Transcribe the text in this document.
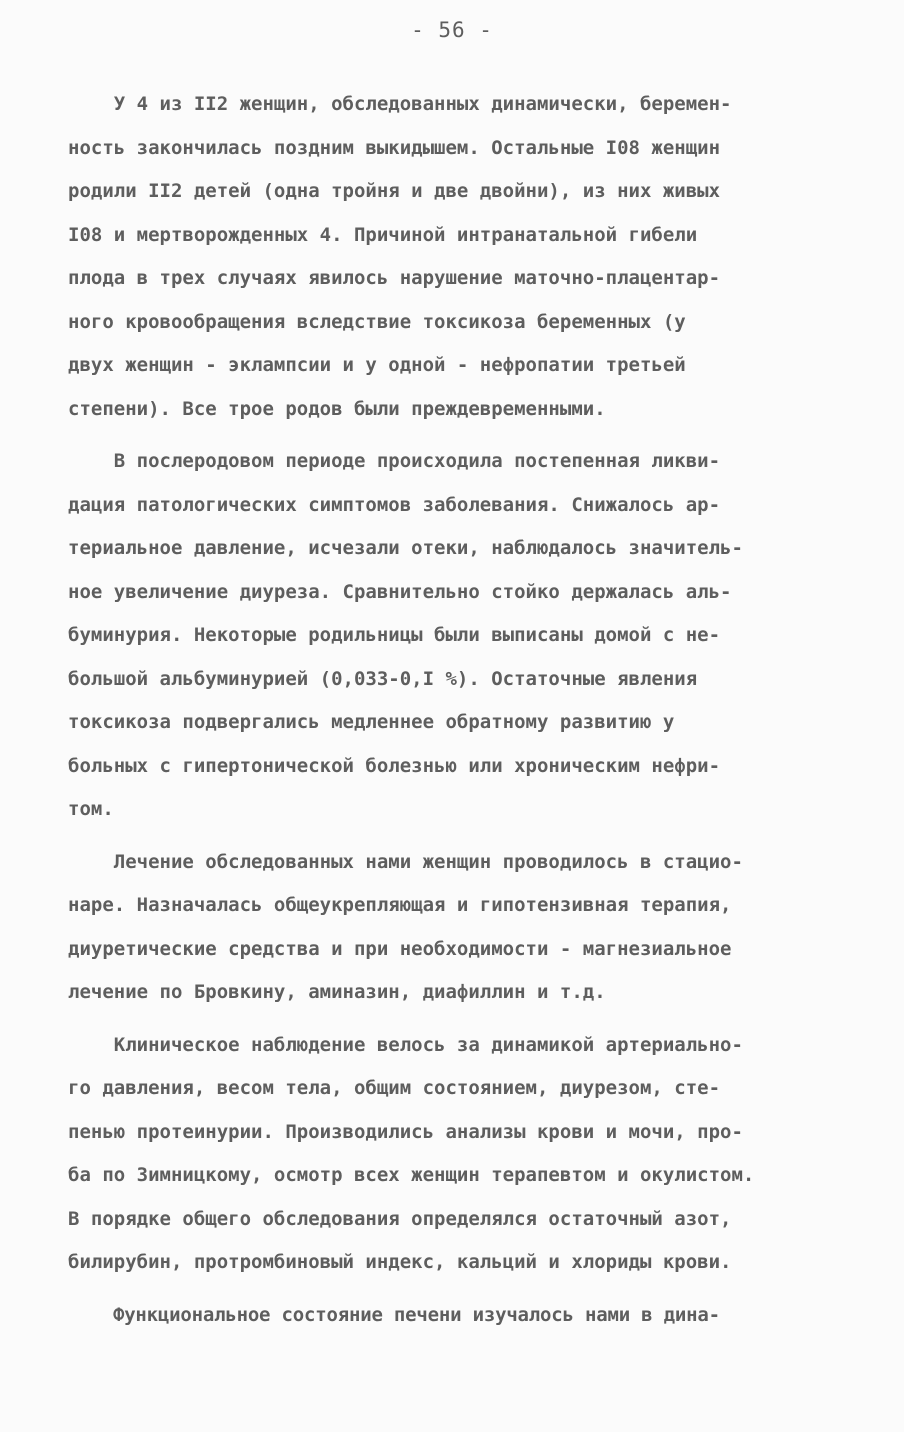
- 56 -
У 4 из II2 женщин, обследованных динамически, беремен-
ность закончилась поздним выкидышем. Остальные I08 женщин
родили II2 детей (одна тройня и две двойни), из них живых
I08 и мертворожденных 4. Причиной интранатальной гибели
плода в трех случаях явилось нарушение маточно-плацентар-
ного кровообращения вследствие токсикоза беременных (у
двух женщин - эклампсии и у одной - нефропатии третьей
степени). Все трое родов были преждевременными.
В послеродовом периоде происходила постепенная ликви-
дация патологических симптомов заболевания. Снижалось ар-
териальное давление, исчезали отеки, наблюдалось значитель-
ное увеличение диуреза. Сравнительно стойко держалась аль-
буминурия. Некоторые родильницы были выписаны домой с не-
большой альбуминурией (0,033-0,I %). Остаточные явления
токсикоза подвергались медленнее обратному развитию у
больных с гипертонической болезнью или хроническим нефри-
том.
Лечение обследованных нами женщин проводилось в стацио-
наре. Назначалась общеукрепляющая и гипотензивная терапия,
диуретические средства и при необходимости - магнезиальное
лечение по Бровкину, аминазин, диафиллин и т.д.
Клиническое наблюдение велось за динамикой артериально-
го давления, весом тела, общим состоянием, диурезом, сте-
пенью протеинурии. Производились анализы крови и мочи, про-
ба по Зимницкому, осмотр всех женщин терапевтом и окулистом.
В порядке общего обследования определялся остаточный азот,
билирубин, протромбиновый индекс, кальций и хлориды крови.
Функциональное состояние печени изучалось нами в дина-
